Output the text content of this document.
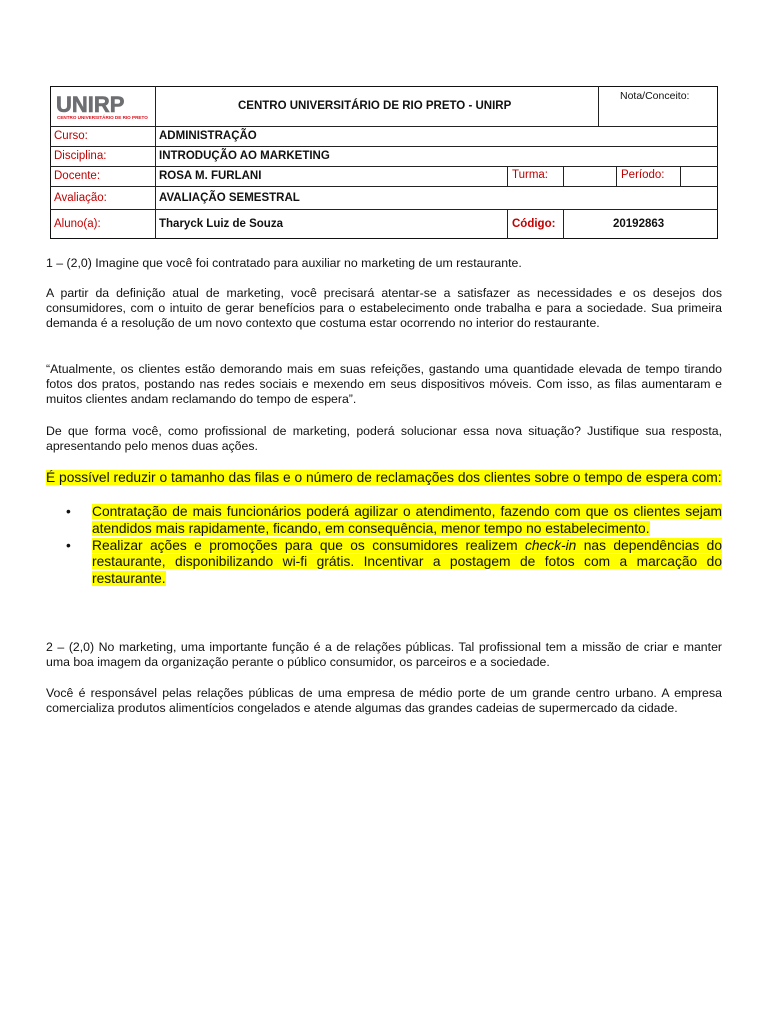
UNIRP
CENTRO UNIVERSITÁRIO DE RIO PRETO
CENTRO UNIVERSITÁRIO DE RIO PRETO - UNIRP
Nota/Conceito:
Curso:	ADMINISTRAÇÃO
Disciplina:	INTRODUÇÃO AO MARKETING
Docente:	ROSA M. FURLANI	Turma:	Período:
Avaliação:	AVALIAÇÃO SEMESTRAL
Aluno(a):	Tharyck Luiz de Souza	Código:	20192863

1 – (2,0) Imagine que você foi contratado para auxiliar no marketing de um restaurante.

A partir da definição atual de marketing, você precisará atentar-se a satisfazer as necessidades e os desejos dos consumidores, com o intuito de gerar benefícios para o estabelecimento onde trabalha e para a sociedade. Sua primeira demanda é a resolução de um novo contexto que costuma estar ocorrendo no interior do restaurante.

“Atualmente, os clientes estão demorando mais em suas refeições, gastando uma quantidade elevada de tempo tirando fotos dos pratos, postando nas redes sociais e mexendo em seus dispositivos móveis. Com isso, as filas aumentaram e muitos clientes andam reclamando do tempo de espera”.

De que forma você, como profissional de marketing, poderá solucionar essa nova situação? Justifique sua resposta, apresentando pelo menos duas ações.

É possível reduzir o tamanho das filas e o número de reclamações dos clientes sobre o tempo de espera com:

• Contratação de mais funcionários poderá agilizar o atendimento, fazendo com que os clientes sejam atendidos mais rapidamente, ficando, em consequência, menor tempo no estabelecimento.
• Realizar ações e promoções para que os consumidores realizem check-in nas dependências do restaurante, disponibilizando wi-fi grátis. Incentivar a postagem de fotos com a marcação do restaurante.

2 – (2,0) No marketing, uma importante função é a de relações públicas. Tal profissional tem a missão de criar e manter uma boa imagem da organização perante o público consumidor, os parceiros e a sociedade.

Você é responsável pelas relações públicas de uma empresa de médio porte de um grande centro urbano. A empresa comercializa produtos alimentícios congelados e atende algumas das grandes cadeias de supermercado da cidade.
